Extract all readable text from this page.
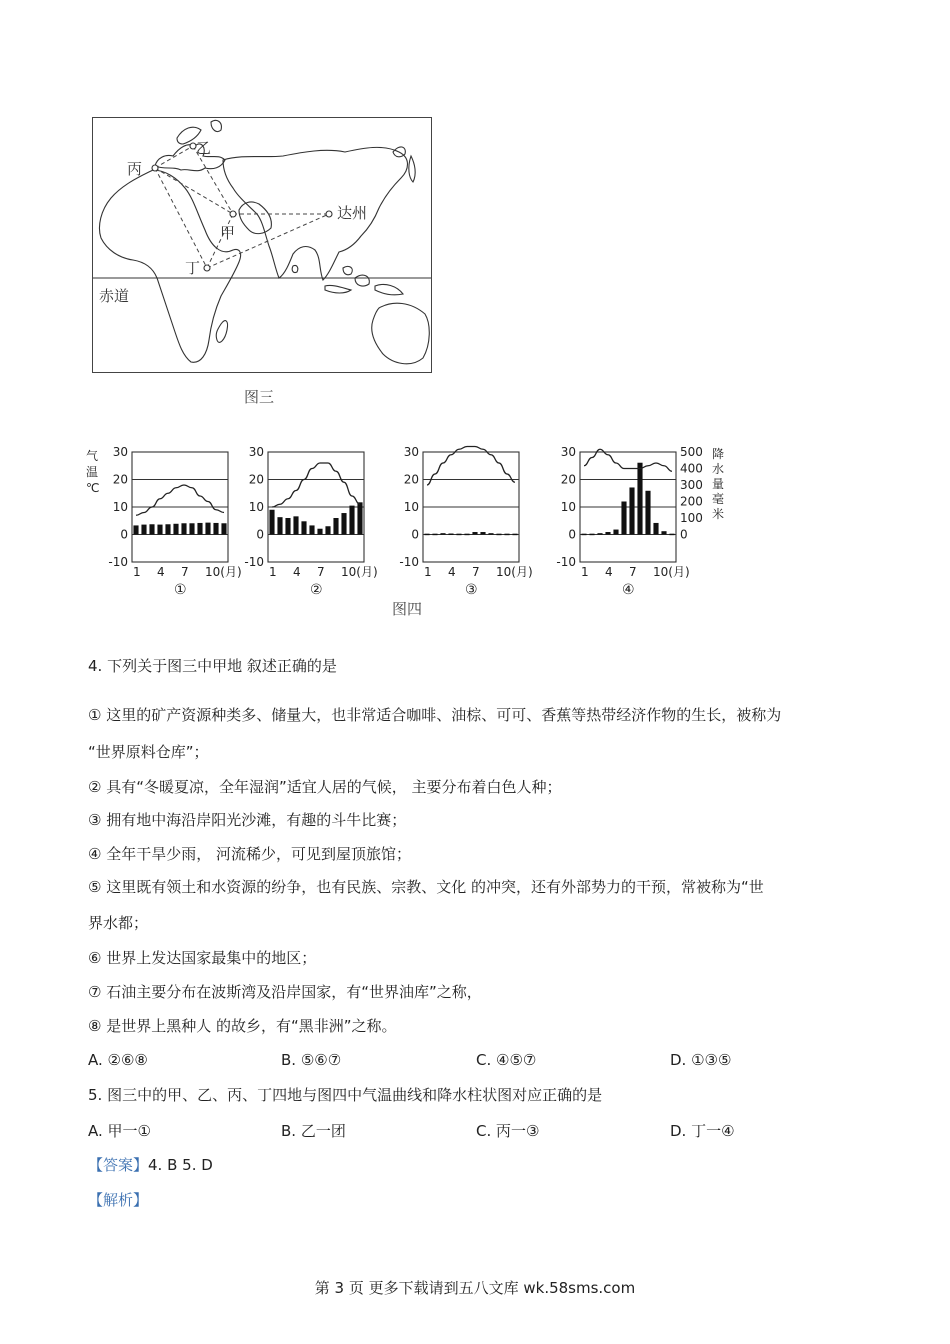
丙
乙
甲
丁
达州
赤道
图三
30
20
10
0
-10
1 4 7 10(月)
①
30
20
10
0
-10
1 4 7 10(月)
②
30
20
10
0
-10
1 4 7 10(月)
③
30
20
10
0
-10
1 4 7 10(月)
④
气
温
℃
500
400
300
200
100
0
降
水
量
毫
米
图四
4. 下列关于图三中甲地 叙述正确的是
① 这里的矿产资源种类多、储量大，也非常适合咖啡、油棕、可可、香蕉等热带经济作物的生长，被称为
“世界原料仓库”；
② 具有“冬暖夏凉，全年湿润”适宜人居的气候， 主要分布着白色人种；
③ 拥有地中海沿岸阳光沙滩，有趣的斗牛比赛；
④ 全年干旱少雨， 河流稀少，可见到屋顶旅馆；
⑤ 这里既有领土和水资源的纷争，也有民族、宗教、文化 的冲突，还有外部势力的干预，常被称为“世
界水都；
⑥ 世界上发达国家最集中的地区；
⑦ 石油主要分布在波斯湾及沿岸国家，有“世界油库”之称，
⑧ 是世界上黑种人 的故乡，有“黑非洲”之称。
A. ②⑥⑧	B. ⑤⑥⑦	C. ④⑤⑦	D. ①③⑤
5. 图三中的甲、乙、丙、丁四地与图四中气温曲线和降水柱状图对应正确的是
A. 甲一①	B. 乙一团	C. 丙一③	D. 丁一④
【答案】4. B 5. D
【解析】
第 3 页 更多下载请到五八文库 wk.58sms.com
